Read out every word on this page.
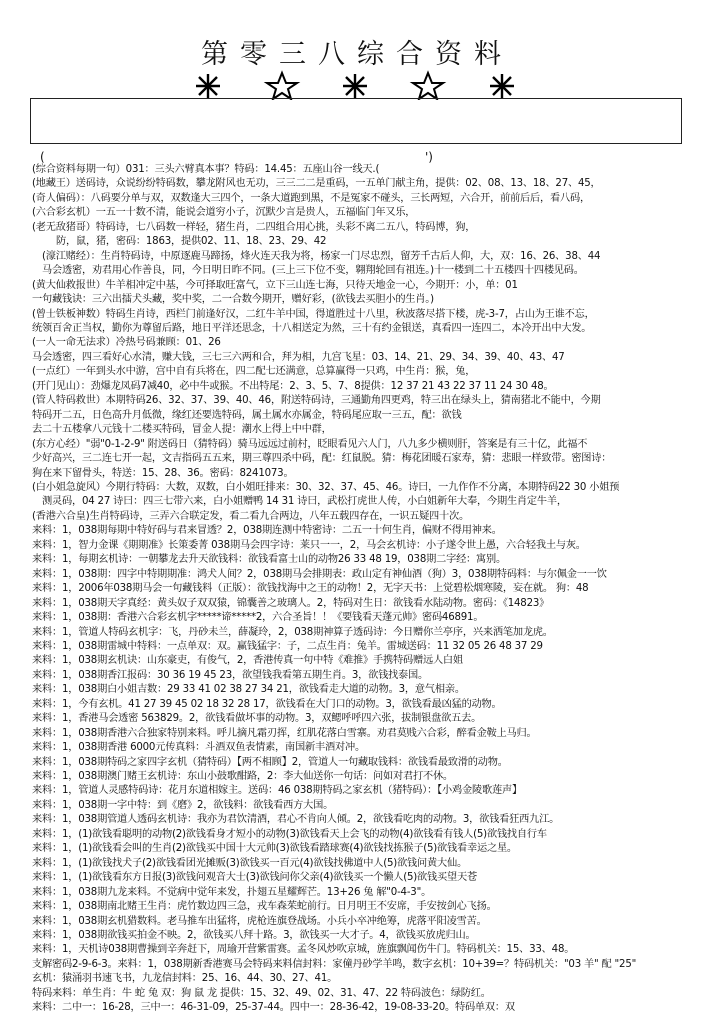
第零三八综合资料
(	')
(综合资料每期一句）031：三头六臂真本事？特码：14.45：五座山谷一线天.(
(地藏王）送码诗，众说纷纷特码数，攀龙附风也无功，三三二二是重码，一五单门献主角，提供：02、08、13、18、27、45，
(奇人偏码）：八码要分单与双，双数逢大三四个，一条大道跑到黑，不是冤家不碰头，三长两短，六合开，前前后后，看八码，
(六合彩玄机）一五一十数不清，能说会道穷小子，沉默少言是贵人，五福临门年又乐，
(老无敌猪哥）特码诗，七八码数一样轻，猪生肖，二四组合用心挑，头彩不离二五八，特码博，狗，
防，鼠，猪，密码：1863，提供02、11、18、23、29、42
(濠江赌经）：生肖特码诗，中原逐鹿马蹄扬，烽火连天我为将，杨家一门尽忠烈，留芳千古后人仰，大，双：16、26、38、44
马会透密，劝君用心作善良，同，今日明日昨不同。(三上三下位不变，翱翔轮回有祖连。)十一楼到二十五楼四十四楼见码。
(黄大仙救报世）牛羊相冲定中基，今可择取旺富气，立下三山连七海，只待天地金一心，今期开：小，单：01
一句藏钱诀：三六出擂犬头藏，奖中奖，二一合数今期开，赠好彩，(欲钱去买胆小的生肖。)
(曾士铁板神数）特码生肖诗，西栏门前逢好汉，二红牛羊中国，得道胜过十八里，秋波落尽搭下楼，虎-3-7，占山为王谁不忘，
统领百舍正当权，勤你为尊留后路，地日平洋还思念，十八相送定为然，三十有约金银送，真看四一连四二，本冷开出中大发。
(一人一命无法求）冷热号码兼顾：01、26
马会透密，四三看好心水清，赚大钱，三七三六两和合，拜为相，九宫飞星：03、14、21、29、34、39、40、43、47
(一点红）一年到头水中游，宫中自有兵将在，四二配七还满意，总算赢得一只鸡，中生肖：猴，兔，
(开门见山）：劲爆龙凤码7减40，必中牛或猴。不出特尾：2、3、5、7、8提供：12 37 21 43 22 37 11 24 30 48。
(管人特码救世）本期特码26、32、37、39、40、46，附送特码诗，三通勤角四更鸡，特三出在绿头上，猜南猪北不能中，今期
特码开二五，日色高升月低微，缘红还要选特码，属土属水亦属金，特码尾应取一三五，配：欲钱
去二十五楼拿八元钱十二楼买特码，冒金人提：潮水上得上中中群，
(东方心经）"弱"0-1-2-9" 附送码日（猜特码）骑马远远过前村，眨眼看见六人门，八九多少横则肝，答案是有三十亿，此福不
少好高兴，三二连七开一起，文吉指码五五来，期三尊四杀中码，配：红鼠脱。猜：梅花团暖石家寿，猜：悲眼一样致带。密图诗：
狗在来下留骨头，特送：15、28、36。密码：8241073。
(白小姐急旋风）今期行特码：大数，双数，白小姐旺排来：30、32、37、45、46。诗曰，一九作作不分离，本期特码22 30 小姐预
测灵码，04 27 诗曰：四三七带六来，白小姐赠鸭 14 31 诗曰，武松打虎世人传，小白姐新年大奉，今期生肖定牛羊，
(香港六合皇)生肖特码诗，三弄六合联定发，看二看九合两边，八年五载四存在，一识五疑四十次。
来料：1，038期每期中特好码与君来冒透？2，038期连测中特密诗：二五一十何生肖，偏财不得用神来。
来料：1，智力金课《期期准》长策委菁 038期马会四字诗：莱只一一，2，马会玄机诗：小子遂令世上愚，六合轻我土与灰。
来料：1，每期玄机诗：一朝攀龙去升天欲钱料：欲钱看富士山的动物26 33 48 19，038期二字经：寓别。
来料：1，038期：四字中特期期准：鸿犬人间？2，038期马会排期表：政山定有神仙酒（狗）3，038期特码料：与尔佩金一一饮
来料：1，2006年038期马会一句藏钱料（正版）：欲钱找海中之王的动物！2，无字天书：上觉碧松烟寒陵，妄在就。 狗：48
来料：1，038期天字真经：黄头奴子双双猿，锦囊善之玻璃人。2，特码对生日：欲钱看水陆动物。密码：《14823》
来料：1，038期：香港六合彩玄机字*****谛*****2，六合圣旨！！《要钱看天蓬元帅》密码46891。
来料：1，管道人特码玄机字：飞，丹砂未兰，薛凝玲，2，038期神算子透码诗：今日赠你兰亭序，兴来洒笔加龙虎。
来料：1，038期雷城中特料：一点单双：双。赢钱猛字：子，二点生肖：兔羊。雷城送码：11 32 05 26 48 37 29
来料：1，038期玄机诀：山东豪吏，有俊气，2，香港传真一句中特《难推》手携特码赠远人白姐
来料：1，038期香江报码：30 36 19 45 23，欲望钱我看第五期生肖。3，欲钱找泰国。
来料：1，038期白小姐吉数：29 33 41 02 38 27 34 21，欲钱看走大道的动物。3，意气相亲。
来料：1，今有玄机。41 27 39 45 02 18 32 28 17，欲钱看在大门口的动物。3，欲钱看最凶猛的动物。
来料：1，香港马会透密 563829。2，欲钱看做坏事的动物。3，双鳃呼呼四六张，拔制银盘欲五去。
来料：1，038期香港六合独家特别来料。呼儿摘凡霜刃挥，红肌花落白雪寨。劝君莫贱六合彩，醉看金鞍上马归。
来料：1，038期香港 6000元传真料：斗酒双鱼表情素，南国新丰酒对冲。
来料：1，038期特码之家四字玄机（猜特码）【两不相顾】2，管道人一句藏取钱料：欲钱看最致滑的动物。
来料：1，038期澳门赌王玄机诗：东山小鼓歌酣路，2：李大仙送你一句话：问如对君打不休。
来料：1，管道人灵感特码诗：花月东道相嫁主。送码：46 038期特码之家玄机（猪特码）：【小鸡金陵歌莲声】
来料：1，038期一字中特：到《磨》2，欲钱料：欲钱看西方大国。
来料：1，038期管道人透码玄机诗：我亦为君饮清酒，君心不肯向人倾。2，欲钱看吃肉的动物。3，欲钱看狂西九江。
来料：1，(1)欲钱看聪明的动物(2)欲钱看身才短小的动物(3)欲钱看天上会飞的动物(4)欲钱看有钱人(5)欲钱找自行车
来料：1，(1)欲钱看会叫的生肖(2)欲钱买中国十大元帅(3)欲钱看踏球赛(4)欲钱找拣猴子(5)欲钱看幸运之星。
来料：1，(1)欲钱找犬子(2)欲钱看团光摊贩(3)欲钱买一百元(4)欲钱找佛道中人(5)欲钱问黄大仙。
来料：1，(1)欲钱看东方日报(3)欲钱问观音大士(3)欲钱问你父亲(4)欲钱买一个懒人(5)欲钱买望天苍
来料：1，038期九龙来料。不觉病中觉年来发，扑翅五星耀辉芒。13+26 兔 解"0-4-3"。
来料：1，038期南北赌王生肖：虎竹数边四三急，戎车森茱蛇前行。日月明王不安席，手安按剑心飞扬。
来料：1，038期玄机猎数料。老马推车出猛将，虎枪连旗登战场。小兵小卒冲绝筹，虎落平阳凌雪苦。
来料：1，038期欲钱买拍金不映。2，欲钱买八拜十路。3，欲钱买一大才子。4，欲钱买放虎归山。
来料：1，天机诗038期曹操到辛奔赶下，周瑜开营紫雷赛。孟冬风炒吹京城，旌旗飘闻伤牛门。特码机关：15、33、48。
支解密码2-9-6-3。来料：1，038期新香港赛马会特码来料信封料：家僮丹砂学羊鸣，数字玄机：10+39=？特码机关："03 羊" 配 "25"
玄机：猿涌羽书速飞书，九龙信封料：25、16、44、30、27、41。
特码来料：单生肖：牛 蛇 兔 双：狗 鼠 龙 提供：15、32、49、02、31、47、22 特码波色：绿防红。
来料：二中一：16-28，三中一：46-31-09，25-37-44。四中一：28-36-42，19-08-33-20。特码单双：双
